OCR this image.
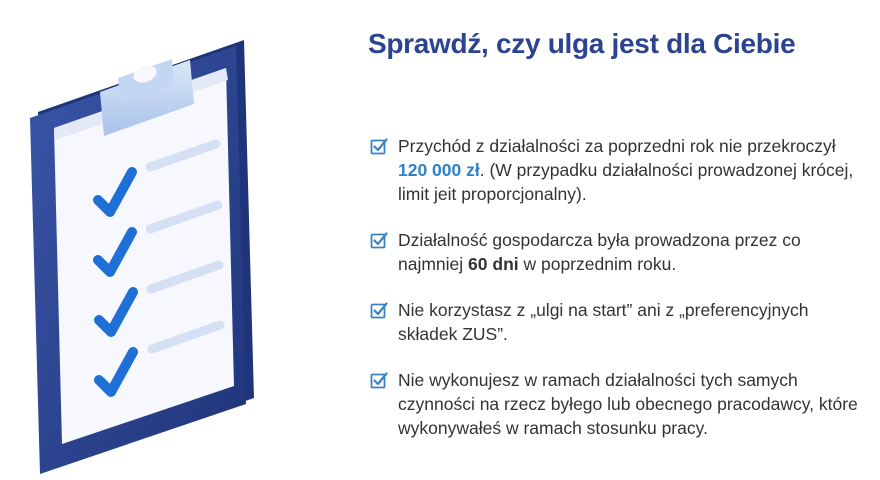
Sprawdź, czy ulga jest dla Ciebie
Przychód z działalności za poprzedni rok nie przekroczył 120 000 zł. (W przypadku działalności prowadzonej krócej, limit jeit proporcjonalny).
Działalność gospodarcza była prowadzona przez co najmniej 60 dni w poprzednim roku.
Nie korzystasz z „ulgi na start” ani z „preferencyjnych składek ZUS”.
Nie wykonujesz w ramach działalności tych samych czynności na rzecz byłego lub obecnego pracodawcy, które wykonywałeś w ramach stosunku pracy.
